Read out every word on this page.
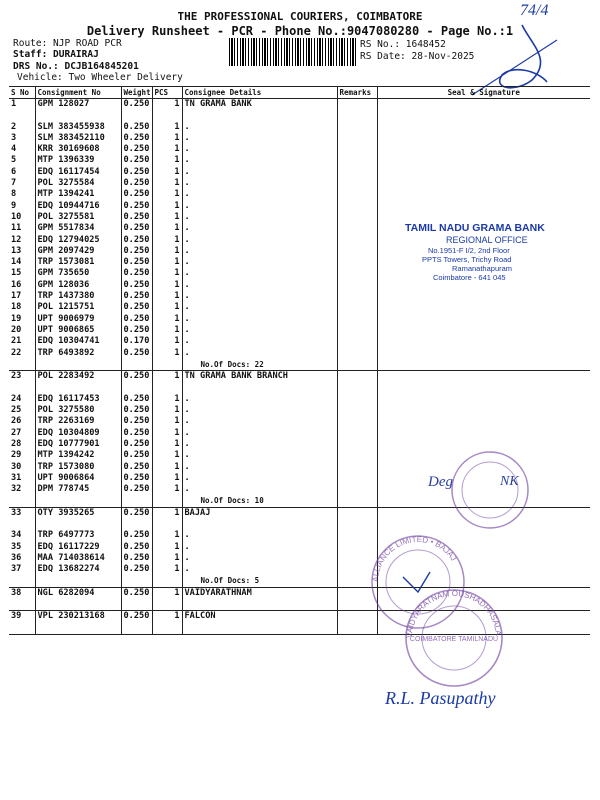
THE PROFESSIONAL COURIERS, COIMBATORE
Delivery Runsheet - PCR - Phone No.:9047080280 - Page No.:1
Route: NJP ROAD PCR
Staff: DURAIRAJ
DRS No.: DCJB164845201
Vehicle: Two Wheeler Delivery
RS No.: 1648452
RS Date: 28-Nov-2025
74/4
S No	Consignment No	Weight	PCS	Consignee Details	Remarks	Seal & Signature
1	GPM 128027	0.250	1	TN GRAMA BANK		

2	SLM 383455938	0.250	1	.		
3	SLM 383452110	0.250	1	.		
4	KRR 30169608	0.250	1	.		
5	MTP 1396339	0.250	1	.		
6	EDQ 16117454	0.250	1	.		
7	POL 3275584	0.250	1	.		
8	MTP 1394241	0.250	1	.		
9	EDQ 10944716	0.250	1	.		
10	POL 3275581	0.250	1	.		
11	GPM 5517834	0.250	1	.		
12	EDQ 12794025	0.250	1	.		
13	GPM 2097429	0.250	1	.		
14	TRP 1573081	0.250	1	.		
15	GPM 735650	0.250	1	.		
16	GPM 128036	0.250	1	.		
17	TRP 1437380	0.250	1	.		
18	POL 1215751	0.250	1	.		
19	UPT 9006979	0.250	1	.		
20	UPT 9006865	0.250	1	.		
21	EDQ 10304741	0.170	1	.		
22	TRP 6493892	0.250	1	.		
				No.Of Docs: 22		
23	POL 2283492	0.250	1	TN GRAMA BANK BRANCH		

24	EDQ 16117453	0.250	1	.		
25	POL 3275580	0.250	1	.		
26	TRP 2263169	0.250	1	.		
27	EDQ 10304809	0.250	1	.		
28	EDQ 10777901	0.250	1	.		
29	MTP 1394242	0.250	1	.		
30	TRP 1573080	0.250	1	.		
31	UPT 9006864	0.250	1	.		
32	DPM 778745	0.250	1	.		
				No.Of Docs: 10		
33	OTY 3935265	0.250	1	BAJAJ		

34	TRP 6497773	0.250	1	.		
35	EDQ 16117229	0.250	1	.		
36	MAA 714038614	0.250	1	.		
37	EDQ 13682274	0.250	1	.		
				No.Of Docs: 5		
38	NGL 6282094	0.250	1	VAIDYARATHNAM		

39	VPL 230213168	0.250	1	FALCON		

TAMIL NADU GRAMA BANK
REGIONAL OFFICE
No.1951-F I/2, 2nd Floor
PPTS Towers, Trichy Road
Ramanathapuram
Coimbatore - 641 045
Deg	NK
ALLIANCE LIMITED • BAJAJ
VAIDYARATNAM OUSHADHASALA
COIMBATORE TAMILNADU
R.L. Pasupathy
